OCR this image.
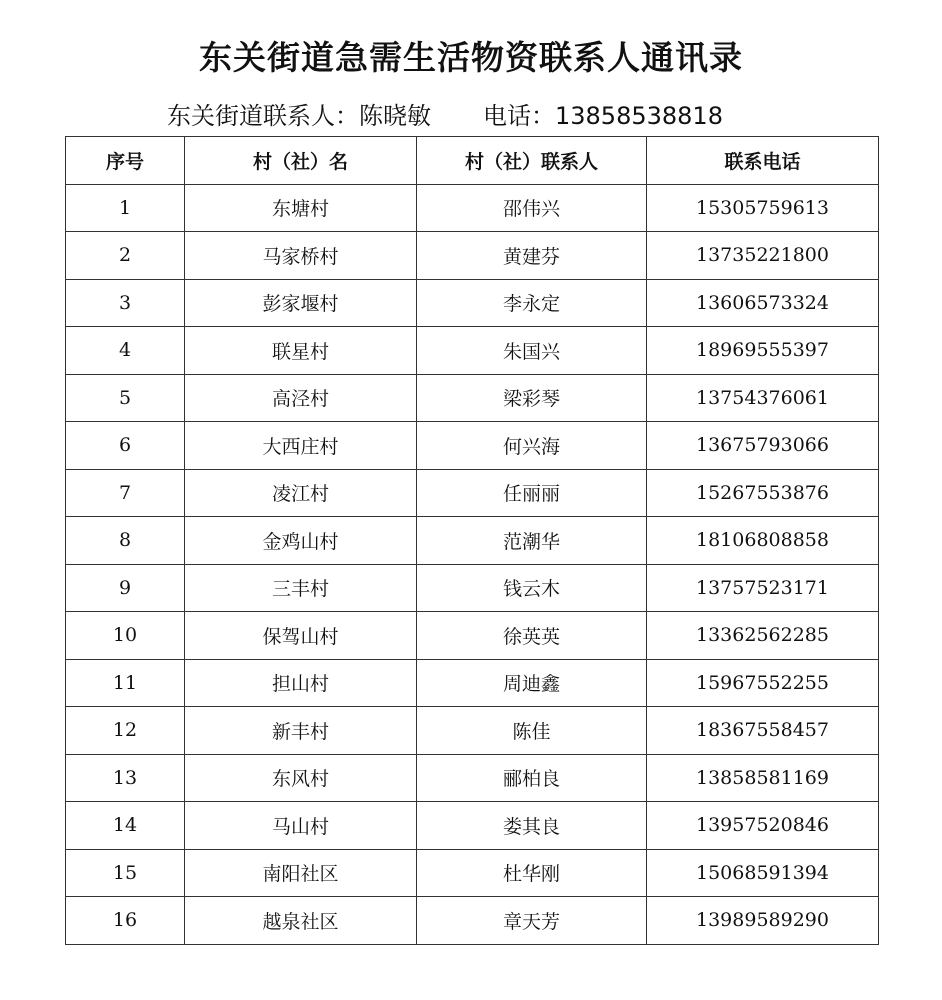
东关街道急需生活物资联系人通讯录
东关街道联系人：陈晓敏 电话：13858538818
序号	村（社）名	村（社）联系人	联系电话
1	东塘村	邵伟兴	15305759613
2	马家桥村	黄建芬	13735221800
3	彭家堰村	李永定	13606573324
4	联星村	朱国兴	18969555397
5	高泾村	梁彩琴	13754376061
6	大西庄村	何兴海	13675793066
7	凌江村	任丽丽	15267553876
8	金鸡山村	范潮华	18106808858
9	三丰村	钱云木	13757523171
10	保驾山村	徐英英	13362562285
11	担山村	周迪鑫	15967552255
12	新丰村	陈佳	18367558457
13	东风村	郦柏良	13858581169
14	马山村	娄其良	13957520846
15	南阳社区	杜华刚	15068591394
16	越泉社区	章天芳	13989589290
